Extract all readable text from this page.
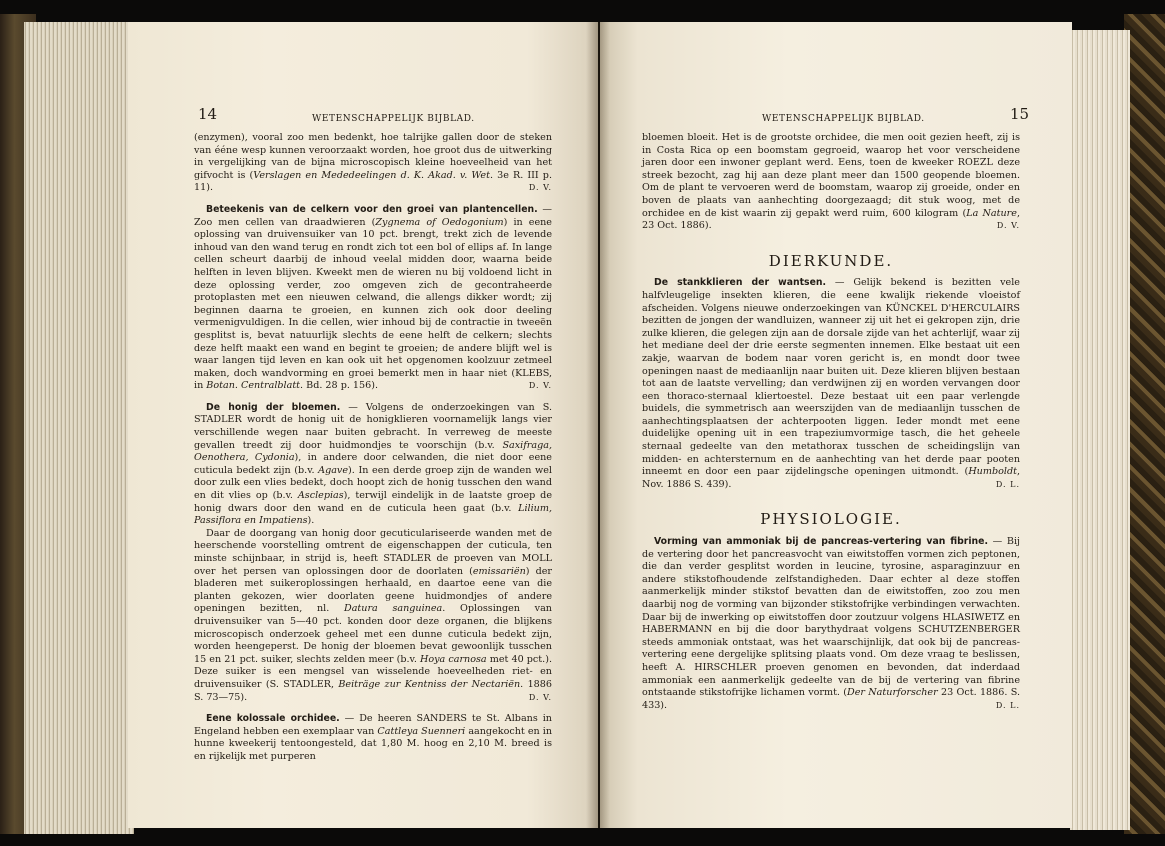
14	WETENSCHAPPELIJK BIJBLAD.

(enzymen), vooral zoo men bedenkt, hoe talrijke gallen door de steken van ééne wesp kunnen veroorzaakt worden, hoe groot dus de uitwerking in vergelijking van de bijna microscopisch kleine hoeveelheid van het gifvocht is (Verslagen en Mededeelingen d. K. Akad. v. Wet. 3e R. III p. 11).	D. V.

Beteekenis van de celkern voor den groei van plantencellen. — Zoo men cellen van draadwieren (Zygnema of Oedogonium) in eene oplossing van druivensuiker van 10 pct. brengt, trekt zich de levende inhoud van den wand terug en rondt zich tot een bol of ellips af. In lange cellen scheurt daarbij de inhoud veelal midden door, waarna beide helften in leven blijven. Kweekt men de wieren nu bij voldoend licht in deze oplossing verder, zoo omgeven zich de gecontraheerde protoplasten met een nieuwen celwand, die allengs dikker wordt; zij beginnen daarna te groeien, en kunnen zich ook door deeling vermenigvuldigen. In die cellen, wier inhoud bij de contractie in tweeën gesplitst is, bevat natuurlijk slechts de eene helft de celkern; slechts deze helft maakt een wand en begint te groeien; de andere blijft wel is waar langen tijd leven en kan ook uit het opgenomen koolzuur zetmeel maken, doch wandvorming en groei bemerkt men in haar niet (KLEBS, in Botan. Centralblatt. Bd. 28 p. 156).	D. V.

De honig der bloemen. — Volgens de onderzoekingen van S. STADLER wordt de honig uit de honigklieren voornamelijk langs vier verschillende wegen naar buiten gebracht. In verreweg de meeste gevallen treedt zij door huidmondjes te voorschijn (b.v. Saxifraga, Oenothera, Cydonia), in andere door celwanden, die niet door eene cuticula bedekt zijn (b.v. Agave). In een derde groep zijn de wanden wel door zulk een vlies bedekt, doch hoopt zich de honig tusschen den wand en dit vlies op (b.v. Asclepias), terwijl eindelijk in de laatste groep de honig dwars door den wand en de cuticula heen gaat (b.v. Lilium, Passiflora en Impatiens).

Daar de doorgang van honig door gecuticulariseerde wanden met de heerschende voorstelling omtrent de eigenschappen der cuticula, ten minste schijnbaar, in strijd is, heeft STADLER de proeven van MOLL over het persen van oplossingen door de doorlaten (emissariën) der bladeren met suikeroplossingen herhaald, en daartoe eene van die planten gekozen, wier doorlaten geene huidmondjes of andere openingen bezitten, nl. Datura sanguinea. Oplossingen van druivensuiker van 5—40 pct. konden door deze organen, die blijkens microscopisch onderzoek geheel met een dunne cuticula bedekt zijn, worden heengeperst. De honig der bloemen bevat gewoonlijk tusschen 15 en 21 pct. suiker, slechts zelden meer (b.v. Hoya carnosa met 40 pct.). Deze suiker is een mengsel van wisselende hoeveelheden riet- en druivensuiker (S. STADLER, Beiträge zur Kentniss der Nectariën. 1886 S. 73—75).	D. V.

Eene kolossale orchidee. — De heeren SANDERS te St. Albans in Engeland hebben een exemplaar van Cattleya Suenneri aangekocht en in hunne kweekerij tentoongesteld, dat 1,80 M. hoog en 2,10 M. breed is en rijkelijk met purperen

WETENSCHAPPELIJK BIJBLAD.	15

bloemen bloeit. Het is de grootste orchidee, die men ooit gezien heeft, zij is in Costa Rica op een boomstam gegroeid, waarop het voor verscheidene jaren door een inwoner geplant werd. Eens, toen de kweeker ROEZL deze streek bezocht, zag hij aan deze plant meer dan 1500 geopende bloemen. Om de plant te vervoeren werd de boomstam, waarop zij groeide, onder en boven de plaats van aanhechting doorgezaagd; dit stuk woog, met de orchidee en de kist waarin zij gepakt werd ruim, 600 kilogram (La Nature, 23 Oct. 1886).	D. V.

DIERKUNDE.

De stankklieren der wantsen. — Gelijk bekend is bezitten vele halfvleugelige insekten klieren, die eene kwalijk riekende vloeistof afscheiden. Volgens nieuwe onderzoekingen van KÜNCKEL D'HERCULAIRS bezitten de jongen der wandluizen, wanneer zij uit het ei gekropen zijn, drie zulke klieren, die gelegen zijn aan de dorsale zijde van het achterlijf, waar zij het mediane deel der drie eerste segmenten innemen. Elke bestaat uit een zakje, waarvan de bodem naar voren gericht is, en mondt door twee openingen naast de mediaanlijn naar buiten uit. Deze klieren blijven bestaan tot aan de laatste vervelling; dan verdwijnen zij en worden vervangen door een thoraco-sternaal kliertoestel. Deze bestaat uit een paar verlengde buidels, die symmetrisch aan weerszijden van de mediaanlijn tusschen de aanhechtingsplaatsen der achterpooten liggen. Ieder mondt met eene duidelijke opening uit in een trapeziumvormige tasch, die het geheele sternaal gedeelte van den metathorax tusschen de scheidingslijn van midden- en achtersternum en de aanhechting van het derde paar pooten inneemt en door een paar zijdelingsche openingen uitmondt. (Humboldt, Nov. 1886 S. 439).	D. L.

PHYSIOLOGIE.

Vorming van ammoniak bij de pancreas-vertering van fibrine. — Bij de vertering door het pancreasvocht van eiwitstoffen vormen zich peptonen, die dan verder gesplitst worden in leucine, tyrosine, asparaginzuur en andere stikstofhoudende zelfstandigheden. Daar echter al deze stoffen aanmerkelijk minder stikstof bevatten dan de eiwitstoffen, zoo zou men daarbij nog de vorming van bijzonder stikstofrijke verbindingen verwachten. Daar bij de inwerking op eiwitstoffen door zoutzuur volgens HLASIWETZ en HABERMANN en bij die door barythydraat volgens SCHUTZENBERGER steeds ammoniak ontstaat, was het waarschijnlijk, dat ook bij de pancreas-vertering eene dergelijke splitsing plaats vond. Om deze vraag te beslissen, heeft A. HIRSCHLER proeven genomen en bevonden, dat inderdaad ammoniak een aanmerkelijk gedeelte van de bij de vertering van fibrine ontstaande stikstofrijke lichamen vormt. (Der Naturforscher 23 Oct. 1886. S. 433).	D. L.
